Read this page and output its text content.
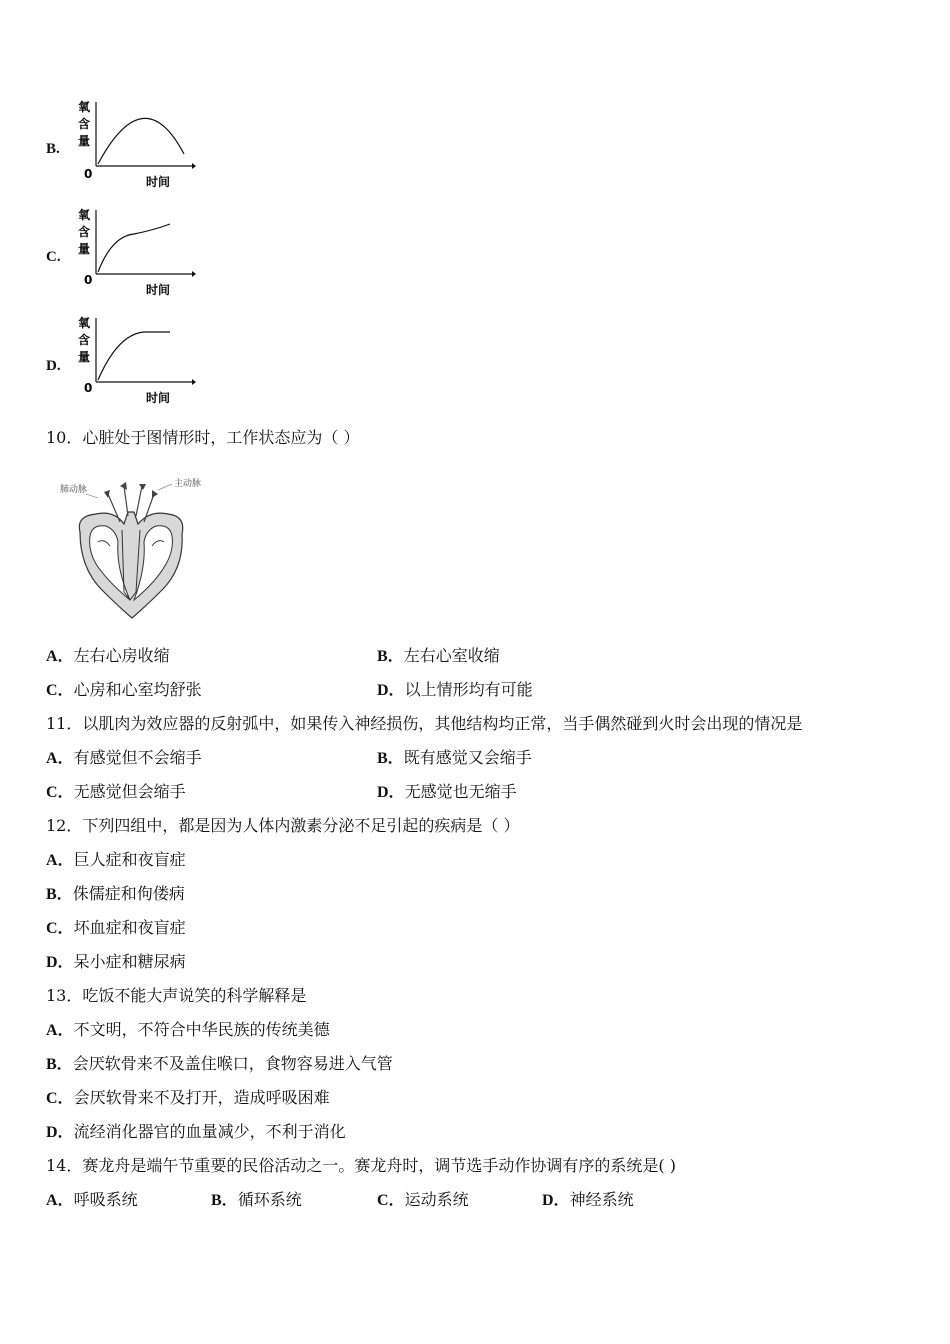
B.
氧
含
量
0
时间
C.
氧
含
量
0
时间
D.
氧
含
量
0
时间
10．心脏处于图情形时，工作状态应为（ ）
肺动脉
主动脉
A．左右心房收缩	B．左右心室收缩
C．心房和心室均舒张	D．以上情形均有可能
11．以肌肉为效应器的反射弧中，如果传入神经损伤，其他结构均正常，当手偶然碰到火时会出现的情况是
A．有感觉但不会缩手	B．既有感觉又会缩手
C．无感觉但会缩手	D．无感觉也无缩手
12．下列四组中，都是因为人体内激素分泌不足引起的疾病是（ ）
A．巨人症和夜盲症
B．侏儒症和佝偻病
C．坏血症和夜盲症
D．呆小症和糖尿病
13．吃饭不能大声说笑的科学解释是
A．不文明，不符合中华民族的传统美德
B．会厌软骨来不及盖住喉口，食物容易进入气管
C．会厌软骨来不及打开，造成呼吸困难
D．流经消化器官的血量减少，不利于消化
14．赛龙舟是端午节重要的民俗活动之一。赛龙舟时，调节选手动作协调有序的系统是( )
A．呼吸系统	B．循环系统	C．运动系统	D．神经系统
